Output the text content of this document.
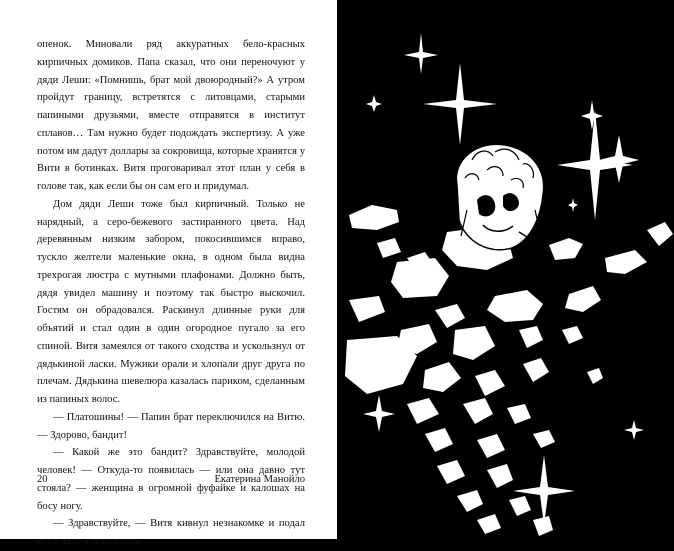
опенок. Миновали ряд аккуратных бело-красных кирпичных домиков. Папа сказал, что они переночуют у дяди Леши: «Помнишь, брат мой двоюродный?» А утром пройдут границу, встретятся с литовцами, старыми папиными друзьями, вместе отправятся в институт сплавов… Там нужно будет подождать экспертизу. А уже потом им дадут доллары за сокровища, которые хранятся у Вити в ботинках. Витя проговаривал этот план у себя в голове так, как если бы он сам его и придумал.

Дом дяди Леши тоже был кирпичный. Только не нарядный, а серо-бежевого застиранного цвета. Над деревянным низким забором, покосившимся вправо, тускло желтели маленькие окна, в одном была видна трехрогая люстра с мутными плафонами. Должно быть, дядя увидел машину и поэтому так быстро выскочил. Гостям он обрадовался. Раскинул длинные руки для объятий и стал один в один огородное пугало за его спиной. Витя замеялся от такого сходства и ускользнул от дядькиной ласки. Мужики орали и хлопали друг друга по плечам. Дядькина шевелюра казалась париком, сделанным из папиных волос.

— Платошины! — Папин брат переключился на Витю. — Здорово, бандит!

— Какой же это бандит? Здравствуйте, молодой человек! — Откуда-то появилась — или она давно тут стояла? — женщина в огромной фуфайке и калошах на босу ногу.

— Здравствуйте, — Витя кивнул незнакомке и подал руку дяде для пожатия.

20	Екатерина Манойло
